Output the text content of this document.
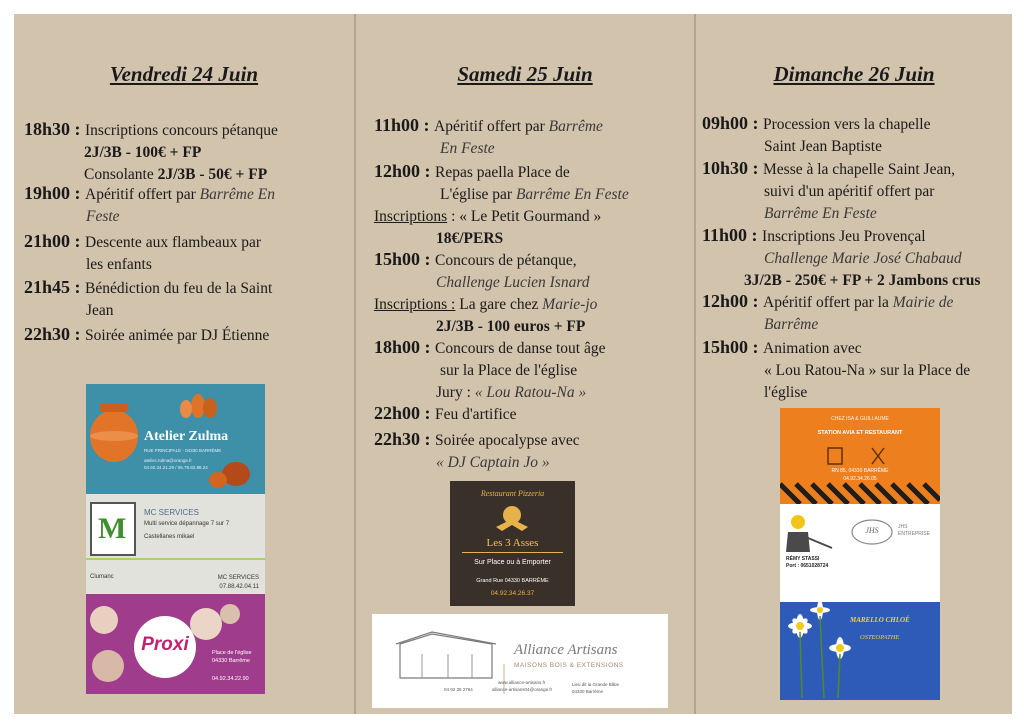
Vendredi 24 Juin
18h30 : Inscriptions concours pétanque
2J/3B - 100€ + FP
Consolante 2J/3B - 50€ + FP
19h00 : Apéritif offert par Barrême En
Feste
21h00 : Descente aux flambeaux par
les enfants
21h45 : Bénédiction du feu de la Saint
Jean
22h30 : Soirée animée par DJ Étienne
Atelier Zulma
RUE PRINCIPALE - 04330 BARRÊME
atelier.zulma@orange.fr
04.92.34.21.29 / 06.79.82.88.24
M MC SERVICES
Multi service dépannage 7 sur 7
Castellanes mikael
Clumanc	MC SERVICES
07.88.42.04.11
Proxi	Place de l'église
04330 Barrême
04.92.34.22.90
Samedi 25 Juin
11h00 : Apéritif offert par Barrême
En Feste
12h00 : Repas paella Place de
L'église par Barrême En Feste
Inscriptions : « Le Petit Gourmand »
18€/PERS
15h00 : Concours de pétanque,
Challenge Lucien Isnard
Inscriptions : La gare chez Marie-jo
2J/3B - 100 euros + FP
18h00 : Concours de danse tout âge
sur la Place de l'église
Jury : « Lou Ratou-Na »
22h00 : Feu d'artifice
22h30 : Soirée apocalypse avec
« DJ Captain Jo »
Restaurant Pizzeria
Les 3 Asses
Sur Place ou à Emporter
Grand Rue 04330 BARRÊME
04.92.34.26.37
Alliance Artisans
MAISONS BOIS & EXTENSIONS
04 92 35 2764	alliance-artisans04@orange.fr
www.alliance-artisans.fr	Lieu dit la Grande Bâtie
04330 Barrême
Dimanche 26 Juin
09h00 : Procession vers la chapelle
Saint Jean Baptiste
10h30 : Messe à la chapelle Saint Jean,
suivi d'un apéritif offert par
Barrême En Feste
11h00 : Inscriptions Jeu Provençal
Challenge Marie José Chabaud
3J/2B - 250€ + FP + 2 Jambons crus
12h00 : Apéritif offert par la Mairie de
Barrême
15h00 : Animation avec
« Lou Ratou-Na » sur la Place de
l'église
CHEZ ISA & GUILLAUME
STATION AVIA ET RESTAURANT
RN 85, 04330 BARRÊME
04.92.34.26.05
JHS	JHS ENTREPRISE
RÉMY STASSI
Port : 0651028724
MARELLO CHLOÉ
OSTEOPATHE
